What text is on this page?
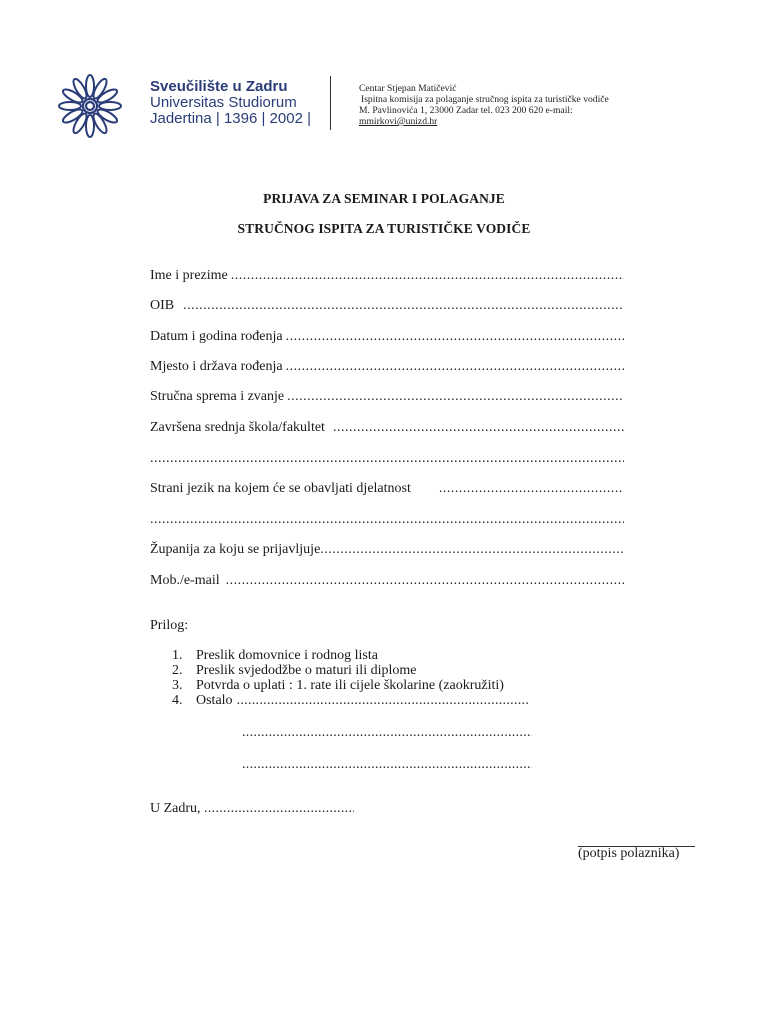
Sveučilište u Zadru
Universitas Studiorum
Jadertina | 1396 | 2002 |
Centar Stjepan Matičević
Ispitna komisija za polaganje stručnog ispita za turističke vodiče
M. Pavlinovića 1, 23000 Zadar tel. 023 200 620 e-mail:
mmirkovi@unizd.hr
PRIJAVA ZA SEMINAR I POLAGANJE
STRUČNOG ISPITA ZA TURISTIČKE VODIČE
Ime i prezime
.....
OIB
.....
Datum i godina rođenja
.....
Mjesto i država rođenja
.....
Stručna sprema i zvanje
.....
Završena srednja škola/fakultet
.....
.....
Strani jezik na kojem će se obavljati djelatnost
.....
.....
Županija za koju se prijavljuje
.....
Mob./e-mail
.....
Prilog:
1. Preslik domovnice i rodnog lista
2. Preslik svjedodžbe o maturi ili diplome
3. Potvrda o uplati : 1. rate ili cijele školarine (zaokružiti)
4. Ostalo
.....
.....
.....
U Zadru, .....
(potpis polaznika)
